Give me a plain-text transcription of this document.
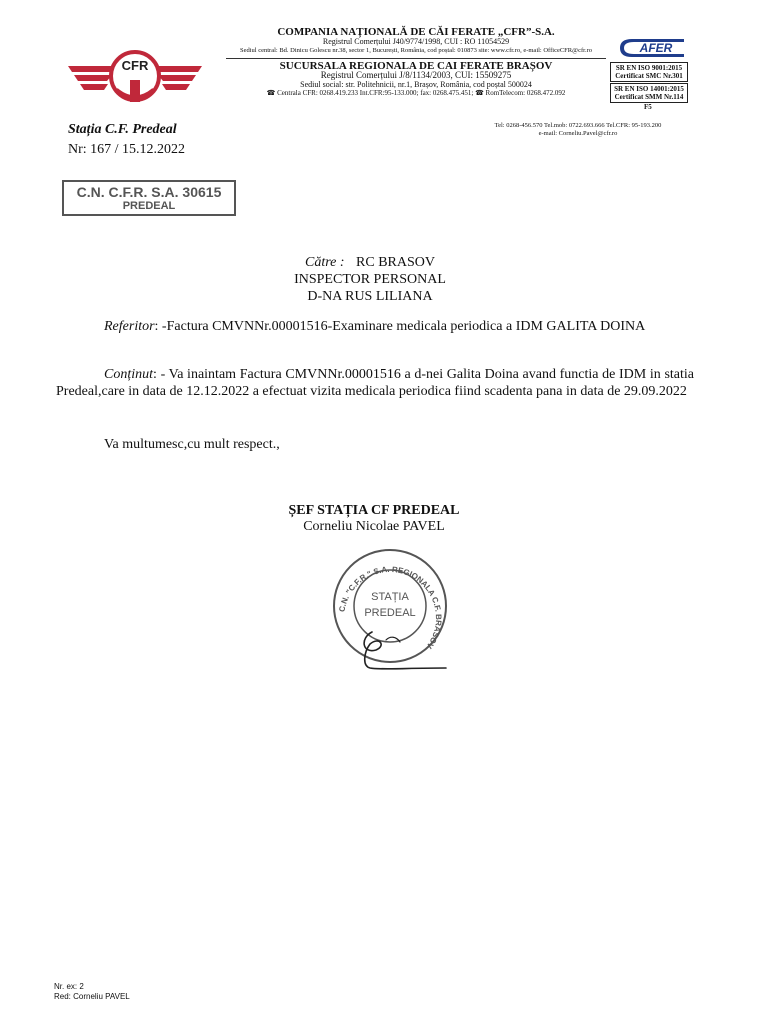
CFR
COMPANIA NAȚIONALĂ DE CĂI FERATE „CFR”-S.A.
Registrul Comerțului J40/9774/1998, CUI : RO 11054529
Sediul central: Bd. Dinicu Golescu nr.38, sector 1, București, România, cod poștal: 010873 site: www.cfr.ro, e-mail: OfficeCFR@cfr.ro
SUCURSALA REGIONALA DE CAI FERATE BRAȘOV
Registrul Comerțului J/8/1134/2003, CUI: 15509275
Sediul social: str. Politehnicii, nr.1, Brașov, România, cod poștal 500024
☎ Centrala CFR: 0268.419.233 Int.CFR:95-133.000; fax: 0268.475.451; ☎ RomTelecom: 0268.472.092
AFER
SR EN ISO 9001:2015
Certificat SMC Nr.301
SR EN ISO 14001:2015
Certificat SMM Nr.114
F5
Stația C.F. Predeal
Nr: 167 / 15.12.2022
Tel: 0268-456.570 Tel.mob: 0722.693.666 Tel.CFR: 95-193.200
e-mail: Corneliu.Pavel@cfr.ro
C.N. C.F.R. S.A. 30615
PREDEAL
Către : RC BRASOV
INSPECTOR PERSONAL
D-NA RUS LILIANA
Referitor: -Factura CMVNNr.00001516-Examinare medicala periodica a IDM GALITA DOINA
Conținut: - Va inaintam Factura CMVNNr.00001516 a d-nei Galita Doina avand functia de IDM in statia Predeal,care in data de 12.12.2022 a efectuat vizita medicala periodica fiind scadenta pana in data de 29.09.2022
Va multumesc,cu mult respect.,
ȘEF STAȚIA CF PREDEAL
Corneliu Nicolae PAVEL
C.N. "C.F.R." S.A. REGIONALA C.F. BRASOV
STAȚIA
PREDEAL
Nr. ex: 2
Red: Corneliu PAVEL
